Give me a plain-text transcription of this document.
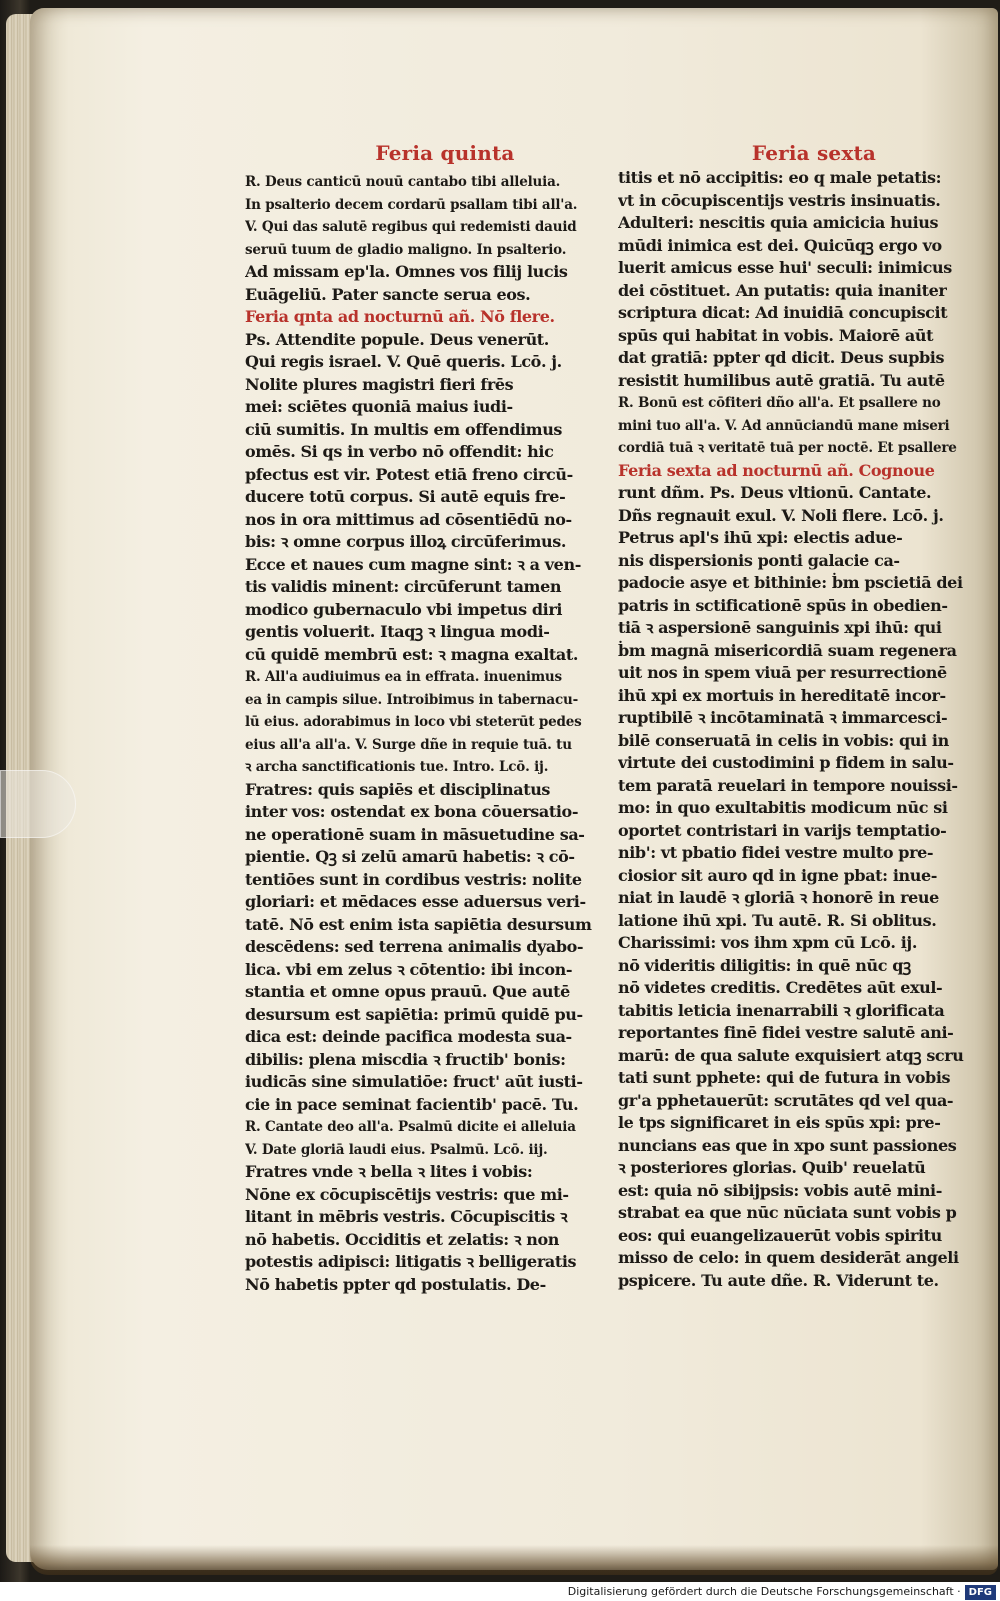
Feria quinta
R. Deus canticū nouū cantabo tibi alleluia.
In psalterio decem cordarū psallam tibi all'a.
V. Qui das salutē regibus qui redemisti dauid
seruū tuum de gladio maligno. In psalterio.
Ad missam ep'la. Omnes vos filij lucis
Euāgeliū. Pater sancte serua eos.
Feria qnta ad nocturnū añ. Nō flere.
Ps. Attendite popule. Deus venerūt.
Qui regis israel. V. Quē queris. Lcō. j.
Nolite plures magistri fieri frēs
mei: sciētes quoniā maius iudi-
ciū sumitis. In multis em offendimus
omēs. Si qs in verbo nō offendit: hic
pfectus est vir. Potest etiā freno circū-
ducere totū corpus. Si autē equis fre-
nos in ora mittimus ad cōsentiēdū no-
bis: ꝛ omne corpus illoꝝ circūferimus.
Ecce et naues cum magne sint: ꝛ a ven-
tis validis minent: circūferunt tamen
modico gubernaculo vbi impetus diri
gentis voluerit. Itaqꝫ ꝛ lingua modi-
cū quidē membrū est: ꝛ magna exaltat.
R. All'a audiuimus ea in effrata. inuenimus
ea in campis silue. Introibimus in tabernacu-
lū eius. adorabimus in loco vbi steterūt pedes
eius all'a all'a. V. Surge dñe in requie tuā. tu
ꝛ archa sanctificationis tue. Intro. Lcō. ij.
Fratres: quis sapiēs et disciplinatus
inter vos: ostendat ex bona cōuersatio-
ne operationē suam in māsuetudine sa-
pientie. Qꝫ si zelū amarū habetis: ꝛ cō-
tentiōes sunt in cordibus vestris: nolite
gloriari: et mēdaces esse aduersus veri-
tatē. Nō est enim ista sapiētia desursum
descēdens: sed terrena animalis dyabo-
lica. vbi em zelus ꝛ cōtentio: ibi incon-
stantia et omne opus prauū. Que autē
desursum est sapiētia: primū quidē pu-
dica est: deinde pacifica modesta sua-
dibilis: plena miscdia ꝛ fructib' bonis:
iudicās sine simulatiōe: fruct' aūt iusti-
cie in pace seminat facientib' pacē. Tu.
R. Cantate deo all'a. Psalmū dicite ei alleluia
V. Date gloriā laudi eius. Psalmū. Lcō. iij.
Fratres vnde ꝛ bella ꝛ lites i vobis:
Nōne ex cōcupiscētijs vestris: que mi-
litant in mēbris vestris. Cōcupiscitis ꝛ
nō habetis. Occiditis et zelatis: ꝛ non
potestis adipisci: litigatis ꝛ belligeratis
Nō habetis ppter qd postulatis. De-
Feria sexta
titis et nō accipitis: eo q male petatis:
vt in cōcupiscentijs vestris insinuatis.
Adulteri: nescitis quia amicicia huius
mūdi inimica est dei. Quicūqꝫ ergo vo
luerit amicus esse hui' seculi: inimicus
dei cōstituet. An putatis: quia inaniter
scriptura dicat: Ad inuidiā concupiscit
spūs qui habitat in vobis. Maiorē aūt
dat gratiā: ppter qd dicit. Deus supbis
resistit humilibus autē gratiā. Tu autē
R. Bonū est cōfiteri dño all'a. Et psallere no
mini tuo all'a. V. Ad annūciandū mane miseri
cordiā tuā ꝛ veritatē tuā per noctē. Et psallere
Feria sexta ad nocturnū añ. Cognoue
runt dñm. Ps. Deus vltionū. Cantate.
Dñs regnauit exul. V. Noli flere. Lcō. j.
Petrus apl's ihū xpi: electis adue-
nis dispersionis ponti galacie ca-
padocie asye et bithinie: ḃm pscietiā dei
patris in sctificationē spūs in obedien-
tiā ꝛ aspersionē sanguinis xpi ihū: qui
ḃm magnā misericordiā suam regenera
uit nos in spem viuā per resurrectionē
ihū xpi ex mortuis in hereditatē incor-
ruptibilē ꝛ incōtaminatā ꝛ immarcesci-
bilē conseruatā in celis in vobis: qui in
virtute dei custodimini p fidem in salu-
tem paratā reuelari in tempore nouissi-
mo: in quo exultabitis modicum nūc si
oportet contristari in varijs temptatio-
nib': vt pbatio fidei vestre multo pre-
ciosior sit auro qd in igne pbat: inue-
niat in laudē ꝛ gloriā ꝛ honorē in reue
latione ihū xpi. Tu autē. R. Si oblitus.
Charissimi: vos ihm xpm cū Lcō. ij.
nō videritis diligitis: in quē nūc qꝫ
nō videtes creditis. Credētes aūt exul-
tabitis leticia inenarrabili ꝛ glorificata
reportantes finē fidei vestre salutē ani-
marū: de qua salute exquisiert atqꝫ scru
tati sunt pphete: qui de futura in vobis
gr'a pphetauerūt: scrutātes qd vel qua-
le tps significaret in eis spūs xpi: pre-
nuncians eas que in xpo sunt passiones
ꝛ posteriores glorias. Quib' reuelatū
est: quia nō sibijpsis: vobis autē mini-
strabat ea que nūc nūciata sunt vobis p
eos: qui euangelizauerūt vobis spiritu
misso de celo: in quem desiderāt angeli
pspicere. Tu aute dñe. R. Viderunt te.
Digitalisierung gefördert durch die Deutsche Forschungsgemeinschaft · DFG
